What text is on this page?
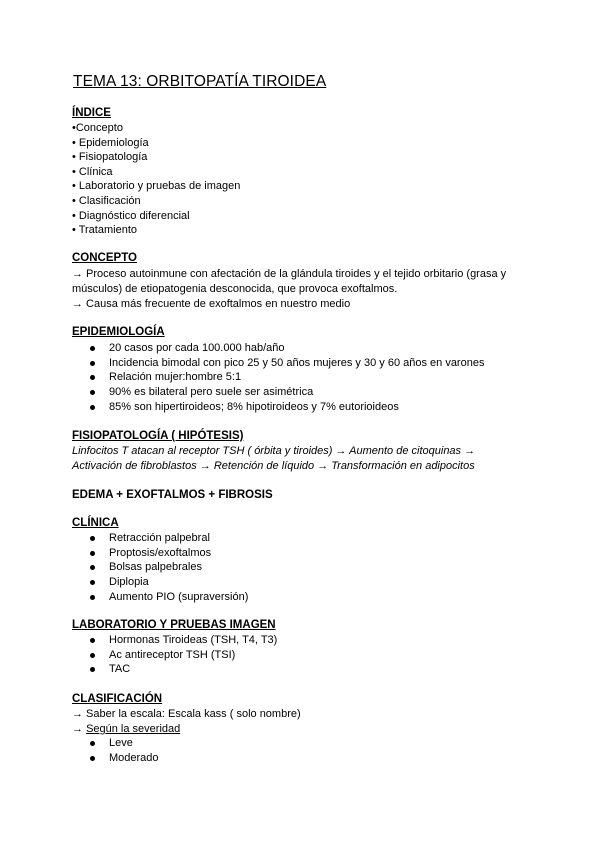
TEMA 13: ORBITOPATÍA TIROIDEA
ÍNDICE
•Concepto
• Epidemiología
• Fisiopatología
• Clínica
• Laboratorio y pruebas de imagen
• Clasificación
• Diagnóstico diferencial
• Tratamiento
CONCEPTO
→ Proceso autoinmune con afectación de la glándula tiroides y el tejido orbitario (grasa y
músculos) de etiopatogenia desconocida, que provoca exoftalmos.
→ Causa más frecuente de exoftalmos en nuestro medio
EPIDEMIOLOGÍA
20 casos por cada 100.000 hab/año
Incidencia bimodal con pico 25 y 50 años mujeres y 30 y 60 años en varones
Relación mujer:hombre 5:1
90% es bilateral pero suele ser asimétrica
85% son hipertiroideos; 8% hipotiroideos y 7% eutorioideos
FISIOPATOLOGÍA ( HIPÓTESIS)
Linfocitos T atacan al receptor TSH ( órbita y tiroides) → Aumento de citoquinas →
Activación de fibroblastos → Retención de líquido → Transformación en adipocitos
EDEMA + EXOFTALMOS + FIBROSIS
CLÍNICA
Retracción palpebral
Proptosis/exoftalmos
Bolsas palpebrales
Diplopia
Aumento PIO (supraversión)
LABORATORIO Y PRUEBAS IMAGEN
Hormonas Tiroideas (TSH, T4, T3)
Ac antireceptor TSH (TSI)
TAC
CLASIFICACIÓN
→ Saber la escala: Escala kass ( solo nombre)
→ Según la severidad
Leve
Moderado
